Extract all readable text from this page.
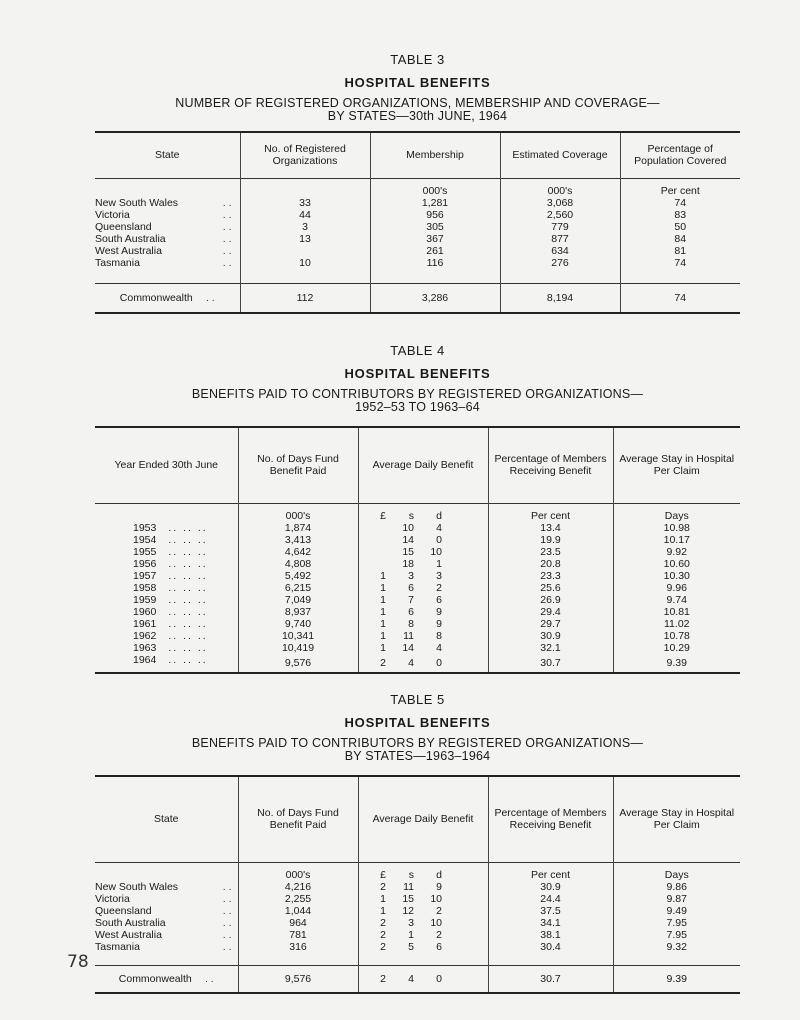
TABLE 3
HOSPITAL BENEFITS
NUMBER OF REGISTERED ORGANIZATIONS, MEMBERSHIP AND COVERAGE—
BY STATES—30th JUNE, 1964
State	No. of Registered Organizations	Membership	Estimated Coverage	Percentage of Population Covered
		000's	000's	Per cent
New South Wales . .	33	1,281	3,068	74
Victoria . .	44	956	2,560	83
Queensland . .	3	305	779	50
South Australia . .	13	367	877	84
West Australia . .		261	634	81
Tasmania . .	10	116	276	74

Commonwealth . .	112	3,286	8,194	74
TABLE 4
HOSPITAL BENEFITS
BENEFITS PAID TO CONTRIBUTORS BY REGISTERED ORGANIZATIONS—
1952–53 TO 1963–64
Year Ended 30th June	No. of Days Fund Benefit Paid	Average Daily Benefit				Percentage of Members Receiving Benefit	Average Stay in Hospital Per Claim
	000's	£	s	d		Per cent	Days
1953 .. .. ..	1,874		10	4		13.4	10.98
1954 .. .. ..	3,413		14	0		19.9	10.17
1955 .. .. ..	4,642		15	10		23.5	9.92
1956 .. .. ..	4,808		18	1		20.8	10.60
1957 .. .. ..	5,492	1	3	3		23.3	10.30
1958 .. .. ..	6,215	1	6	2		25.6	9.96
1959 .. .. ..	7,049	1	7	6		26.9	9.74
1960 .. .. ..	8,937	1	6	9		29.4	10.81
1961 .. .. ..	9,740	1	8	9		29.7	11.02
1962 .. .. ..	10,341	1	11	8		30.9	10.78
1963 .. .. ..	10,419	1	14	4		32.1	10.29
1964 .. .. ..	9,576	2	4	0		30.7	9.39
TABLE 5
HOSPITAL BENEFITS
BENEFITS PAID TO CONTRIBUTORS BY REGISTERED ORGANIZATIONS—
BY STATES—1963–1964
State	No. of Days Fund Benefit Paid	Average Daily Benefit				Percentage of Members Receiving Benefit	Average Stay in Hospital Per Claim
	000's	£	s	d		Per cent	Days
New South Wales . .	4,216	2	11	9		30.9	9.86
Victoria . .	2,255	1	15	10		24.4	9.87
Queensland . .	1,044	1	12	2		37.5	9.49
South Australia . .	964	2	3	10		34.1	7.95
West Australia . .	781	2	1	2		38.1	7.95
Tasmania . .	316	2	5	6		30.4	9.32

Commonwealth . .	9,576	2	4	0		30.7	9.39
78
